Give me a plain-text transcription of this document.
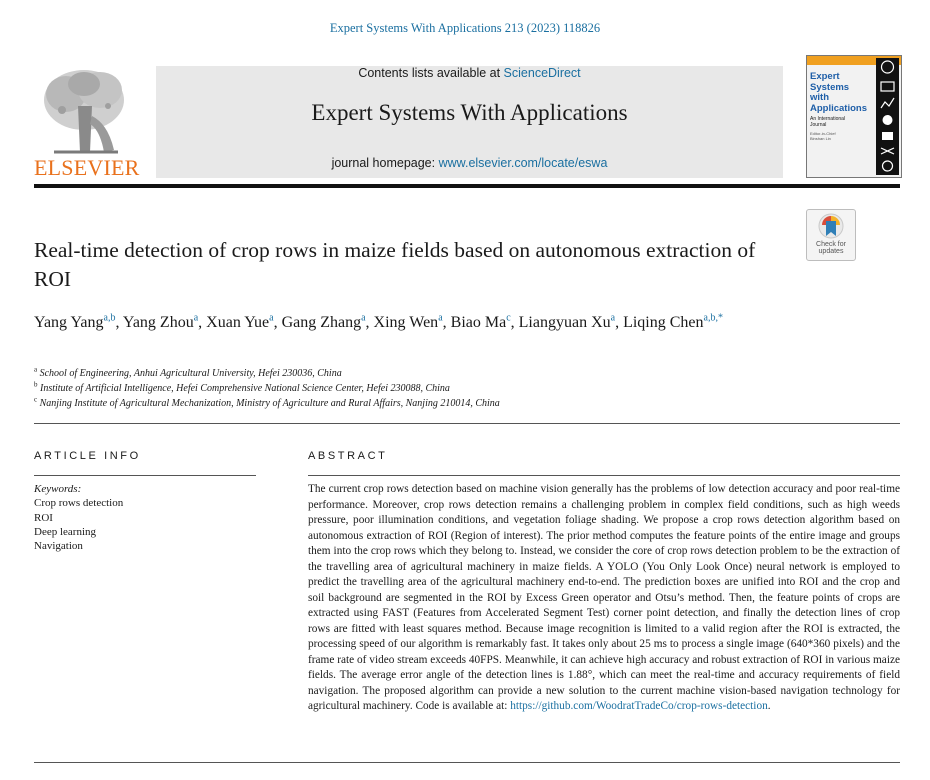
Expert Systems With Applications 213 (2023) 118826
ELSEVIER
Contents lists available at ScienceDirect
Expert Systems With Applications
journal homepage: www.elsevier.com/locate/eswa
Expert
Systems
with
Applications
An International
Journal
Editor-in-Chief
Binshan Lin
Check for
updates
Real-time detection of crop rows in maize fields based on autonomous extraction of ROI
Yang Yang$^{a,b}$, Yang Zhou$^a$, Xuan Yue$^a$, Gang Zhang$^a$, Xing Wen$^a$, Biao Ma$^c$, Liangyuan Xu$^a$, Liqing Chen$^{a,b,*}$
$^a$ School of Engineering, Anhui Agricultural University, Hefei 230036, China
$^b$ Institute of Artificial Intelligence, Hefei Comprehensive National Science Center, Hefei 230088, China
$^c$ Nanjing Institute of Agricultural Mechanization, Ministry of Agriculture and Rural Affairs, Nanjing 210014, China
ARTICLE INFO	ABSTRACT
Keywords:
Crop rows detection
ROI
Deep learning
Navigation
The current crop rows detection based on machine vision generally has the problems of low detection accuracy and poor real-time performance. Moreover, crop rows detection remains a challenging problem in complex field conditions, such as high weeds pressure, poor illumination conditions, and vegetation foliage shading. We propose a crop rows detection algorithm based on autonomous extraction of ROI (Region of interest). The prior method computes the feature points of the entire image and groups them into the crop rows which they belong to. Instead, we consider the core of crop rows detection problem to be the extraction of the travelling area of agricultural machinery in maize fields. A YOLO (You Only Look Once) neural network is employed to predict the travelling area of the agricultural machinery end-to-end. The prediction boxes are unified into ROI and the crop and soil background are segmented in the ROI by Excess Green operator and Otsu’s method. Then, the feature points of crops are extracted using FAST (Features from Accelerated Segment Test) corner point detection, and finally the detection lines of crop rows are fitted with least squares method. Because image recognition is limited to a valid region after the ROI is extracted, the processing speed of our algorithm is remarkably fast. It takes only about 25 ms to process a single image (640*360 pixels) and the frame rate of video stream exceeds 40FPS. Meanwhile, it can achieve high accuracy and robust extraction of ROI in various maize fields. The average error angle of the detection lines is 1.88°, which can meet the real-time and accuracy requirements of field navigation. The proposed algorithm can provide a new solution to the current machine vision-based navigation technology for agricultural machinery. Code is available at: https://github.com/WoodratTradeCo/crop-rows-detection.
